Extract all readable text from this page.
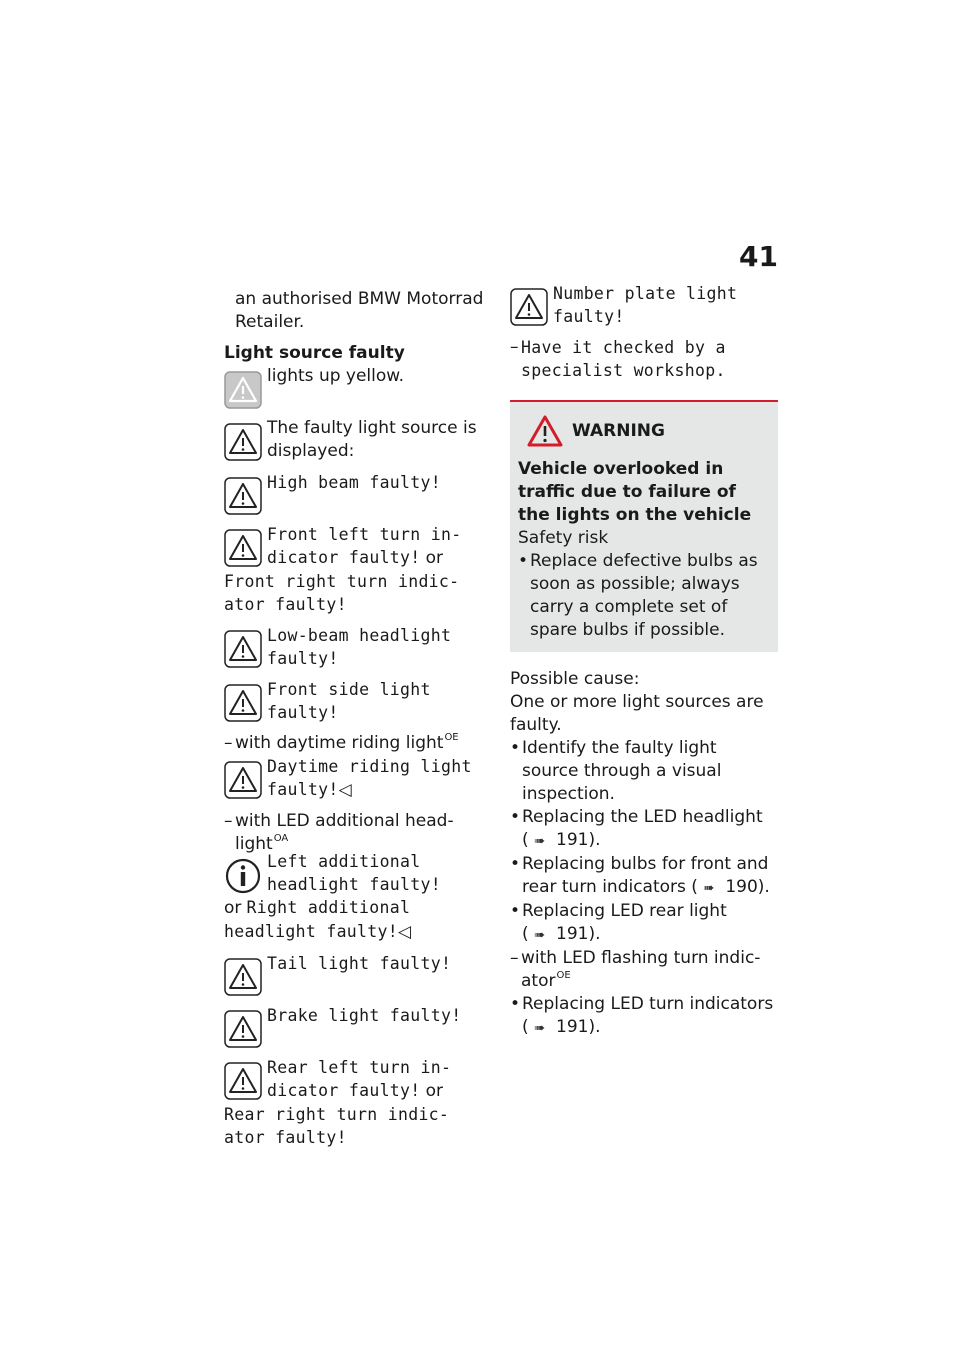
41
an authorised BMW Motorrad Retailer.
Light source faulty
lights up yellow.
The faulty light source is displayed:
High beam faulty!
Front left turn in-
dicator faulty! or
Front right turn indic-
ator faulty!
Low-beam headlight
faulty!
Front side light
faulty!
– with daytime riding light$^{OE}$
Daytime riding light
faulty!◁
– with LED additional head-
light$^{OA}$
Left additional
headlight faulty!
or Right additional
headlight faulty!◁
Tail light faulty!
Brake light faulty!
Rear left turn in-
dicator faulty! or
Rear right turn indic-
ator faulty!
Number plate light
faulty!
– Have it checked by a
specialist workshop.
WARNING
Vehicle overlooked in traffic due to failure of the lights on the vehicle
Safety risk
• Replace defective bulbs as soon as possible; always carry a complete set of spare bulbs if possible.
Possible cause:
One or more light sources are faulty.
• Identify the faulty light source through a visual inspection.
• Replacing the LED headlight
( ➠ 191).
• Replacing bulbs for front and rear turn indicators ( ➠ 190).
• Replacing LED rear light
( ➠ 191).
– with LED flashing turn indic-
ator$^{OE}$
• Replacing LED turn indicators
( ➠ 191).
